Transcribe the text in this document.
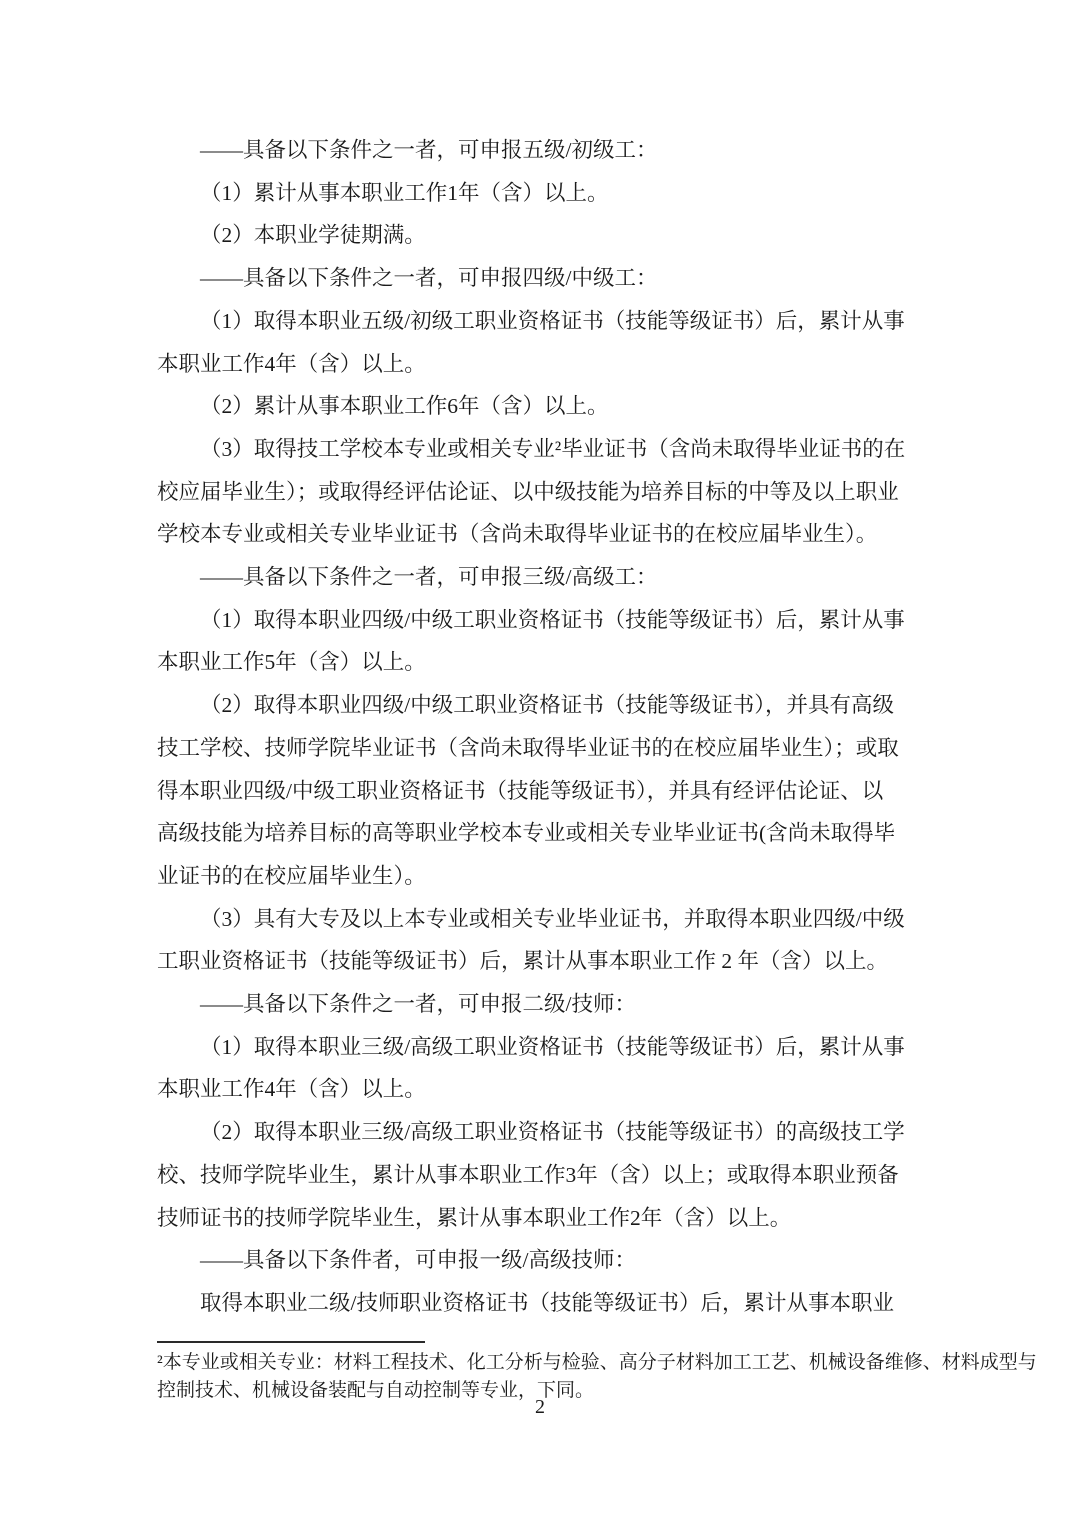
——具备以下条件之一者，可申报五级/初级工：
（1）累计从事本职业工作1年（含）以上。
（2）本职业学徒期满。
——具备以下条件之一者，可申报四级/中级工：
（1）取得本职业五级/初级工职业资格证书（技能等级证书）后，累计从事
本职业工作4年（含）以上。
（2）累计从事本职业工作6年（含）以上。
（3）取得技工学校本专业或相关专业²毕业证书（含尚未取得毕业证书的在
校应届毕业生）；或取得经评估论证、以中级技能为培养目标的中等及以上职业
学校本专业或相关专业毕业证书（含尚未取得毕业证书的在校应届毕业生）。
——具备以下条件之一者，可申报三级/高级工：
（1）取得本职业四级/中级工职业资格证书（技能等级证书）后，累计从事
本职业工作5年（含）以上。
（2）取得本职业四级/中级工职业资格证书（技能等级证书），并具有高级
技工学校、技师学院毕业证书（含尚未取得毕业证书的在校应届毕业生）；或取
得本职业四级/中级工职业资格证书（技能等级证书），并具有经评估论证、以
高级技能为培养目标的高等职业学校本专业或相关专业毕业证书(含尚未取得毕
业证书的在校应届毕业生）。
（3）具有大专及以上本专业或相关专业毕业证书，并取得本职业四级/中级
工职业资格证书（技能等级证书）后，累计从事本职业工作 2 年（含）以上。
——具备以下条件之一者，可申报二级/技师：
（1）取得本职业三级/高级工职业资格证书（技能等级证书）后，累计从事
本职业工作4年（含）以上。
（2）取得本职业三级/高级工职业资格证书（技能等级证书）的高级技工学
校、技师学院毕业生，累计从事本职业工作3年（含）以上；或取得本职业预备
技师证书的技师学院毕业生，累计从事本职业工作2年（含）以上。
——具备以下条件者，可申报一级/高级技师：
取得本职业二级/技师职业资格证书（技能等级证书）后，累计从事本职业
²本专业或相关专业：材料工程技术、化工分析与检验、高分子材料加工工艺、机械设备维修、材料成型与
控制技术、机械设备装配与自动控制等专业，下同。
2
